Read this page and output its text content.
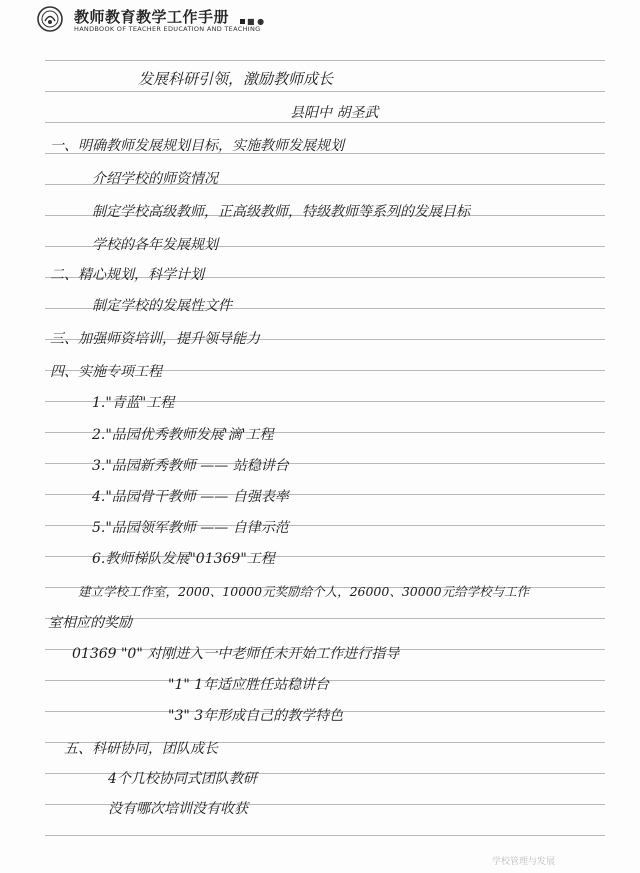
教师教育教学工作手册
HANDBOOK OF TEACHER EDUCATION AND TEACHING
■ ●
发展科研引领，激励教师成长
县阳中 胡圣武
一、明确教师发展规划目标，实施教师发展规划
介绍学校的师资情况
制定学校高级教师，正高级教师，特级教师等系列的发展目标
学校的各年发展规划
二、精心规划，科学计划
制定学校的发展性文件
三、加强师资培训，提升领导能力
四、实施专项工程
1."青蓝"工程
2."品园优秀教师发展'滴'工程
3."品园新秀教师 —— 站稳讲台
4."品园骨干教师 —— 自强表率
5."品园领军教师 —— 自律示范
6.教师梯队发展"01369"工程
建立学校工作室，2000、10000元奖励给个人，26000、30000元给学校与工作
室相应的奖励
01369 "0" 对刚进入一中老师任未开始工作进行指导
"1" 1年适应胜任站稳讲台
"3" 3年形成自己的教学特色
五、科研协同，团队成长
4个几校协同式团队教研
没有哪次培训没有收获
学校管理与发展
